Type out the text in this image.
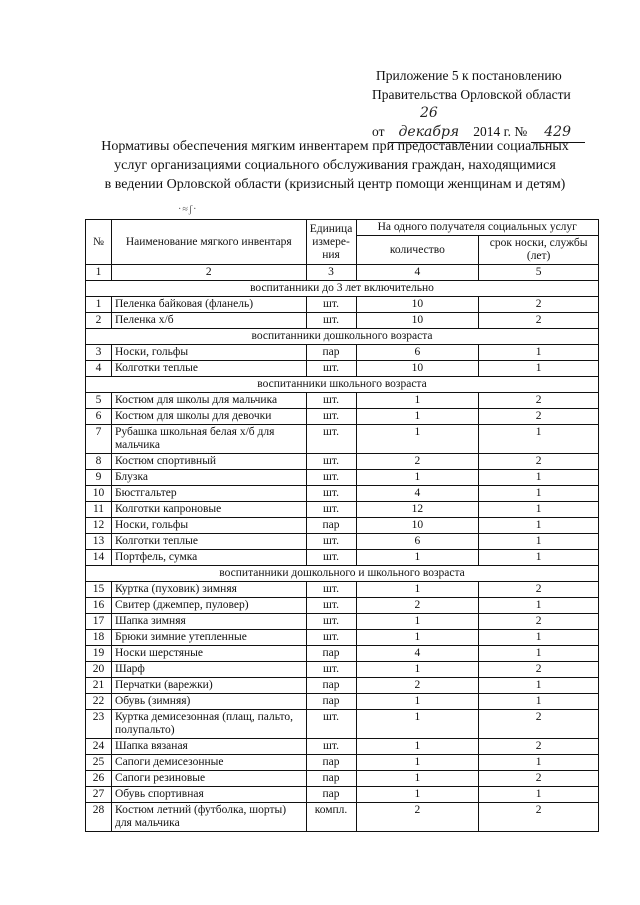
Приложение 5 к постановлению
Правительства Орловской области
от 26 декабря 2014 г. № 429
Нормативы обеспечения мягким инвентарем при предоставлении социальных
услуг организациями социального обслуживания граждан, находящимися
в ведении Орловской области (кризисный центр помощи женщинам и детям)
·≈ʃ·
№	Наименование мягкого инвентаря	Единица измере-ния	На одного получателя социальных услуг	
			количество	срок носки, службы (лет)
1	2	3	4	5
воспитанники до 3 лет включительно				
1	Пеленка байковая (фланель)	шт.	10	2
2	Пеленка х/б	шт.	10	2
воспитанники дошкольного возраста				
3	Носки, гольфы	пар	6	1
4	Колготки теплые	шт.	10	1
воспитанники школьного возраста				
5	Костюм для школы для мальчика	шт.	1	2
6	Костюм для школы для девочки	шт.	1	2
7	Рубашка школьная белая х/б для мальчика	шт.	1	1
8	Костюм спортивный	шт.	2	2
9	Блузка	шт.	1	1
10	Бюстгальтер	шт.	4	1
11	Колготки капроновые	шт.	12	1
12	Носки, гольфы	пар	10	1
13	Колготки теплые	шт.	6	1
14	Портфель, сумка	шт.	1	1
воспитанники дошкольного и школьного возраста				
15	Куртка (пуховик) зимняя	шт.	1	2
16	Свитер (джемпер, пуловер)	шт.	2	1
17	Шапка зимняя	шт.	1	2
18	Брюки зимние утепленные	шт.	1	1
19	Носки шерстяные	пар	4	1
20	Шарф	шт.	1	2
21	Перчатки (варежки)	пар	2	1
22	Обувь (зимняя)	пар	1	1
23	Куртка демисезонная (плащ, пальто, полупальто)	шт.	1	2
24	Шапка вязаная	шт.	1	2
25	Сапоги демисезонные	пар	1	1
26	Сапоги резиновые	пар	1	2
27	Обувь спортивная	пар	1	1
28	Костюм летний (футболка, шорты) для мальчика	компл.	2	2
